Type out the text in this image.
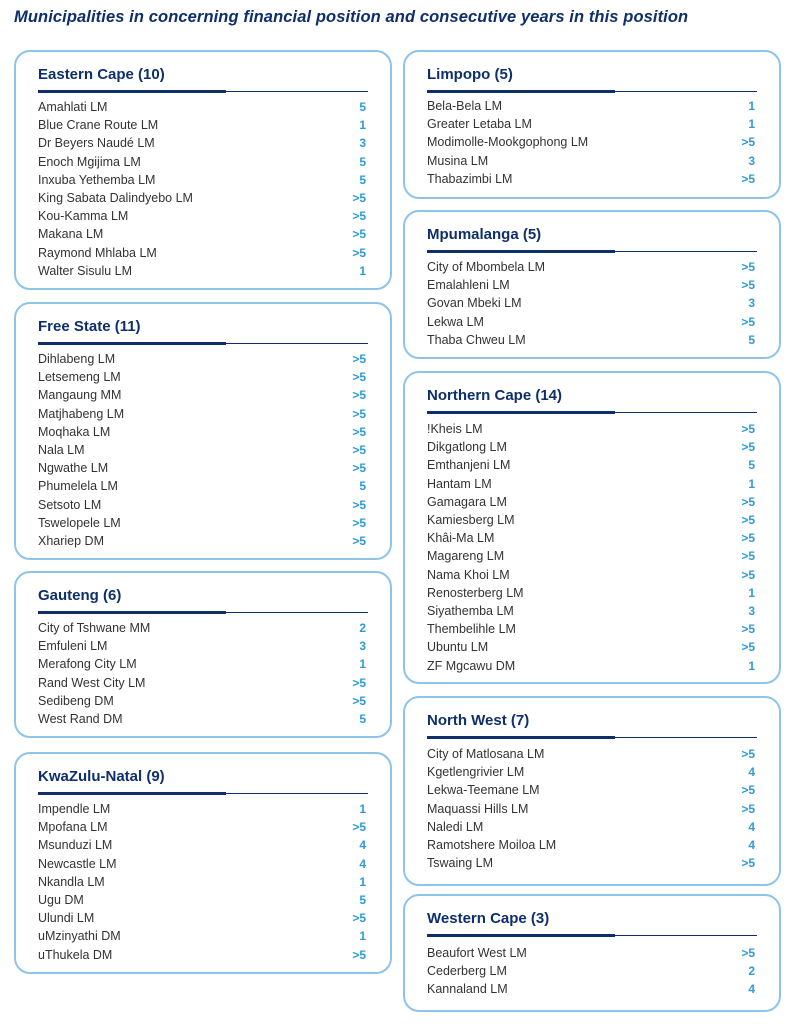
Municipalities in concerning financial position and consecutive years in this position
Eastern Cape (10)
Amahlati LM	5
Blue Crane Route LM	1
Dr Beyers Naudé LM	3
Enoch Mgijima LM	5
Inxuba Yethemba LM	5
King Sabata Dalindyebo LM	>5
Kou-Kamma LM	>5
Makana LM	>5
Raymond Mhlaba LM	>5
Walter Sisulu LM	1
Free State (11)
Dihlabeng LM	>5
Letsemeng LM	>5
Mangaung MM	>5
Matjhabeng LM	>5
Moqhaka LM	>5
Nala LM	>5
Ngwathe LM	>5
Phumelela LM	5
Setsoto LM	>5
Tswelopele LM	>5
Xhariep DM	>5
Gauteng (6)
City of Tshwane MM	2
Emfuleni LM	3
Merafong City LM	1
Rand West City LM	>5
Sedibeng DM	>5
West Rand DM	5
KwaZulu-Natal (9)
Impendle LM	1
Mpofana LM	>5
Msunduzi LM	4
Newcastle LM	4
Nkandla LM	1
Ugu DM	5
Ulundi LM	>5
uMzinyathi DM	1
uThukela DM	>5
Limpopo (5)
Bela-Bela LM	1
Greater Letaba LM	1
Modimolle-Mookgophong LM	>5
Musina LM	3
Thabazimbi LM	>5
Mpumalanga (5)
City of Mbombela LM	>5
Emalahleni LM	>5
Govan Mbeki LM	3
Lekwa LM	>5
Thaba Chweu LM	5
Northern Cape (14)
!Kheis LM	>5
Dikgatlong LM	>5
Emthanjeni LM	5
Hantam LM	1
Gamagara LM	>5
Kamiesberg LM	>5
Khâi-Ma LM	>5
Magareng LM	>5
Nama Khoi LM	>5
Renosterberg LM	1
Siyathemba LM	3
Thembelihle LM	>5
Ubuntu LM	>5
ZF Mgcawu DM	1
North West (7)
City of Matlosana LM	>5
Kgetlengrivier LM	4
Lekwa-Teemane LM	>5
Maquassi Hills LM	>5
Naledi LM	4
Ramotshere Moiloa LM	4
Tswaing LM	>5
Western Cape (3)
Beaufort West LM	>5
Cederberg LM	2
Kannaland LM	4
